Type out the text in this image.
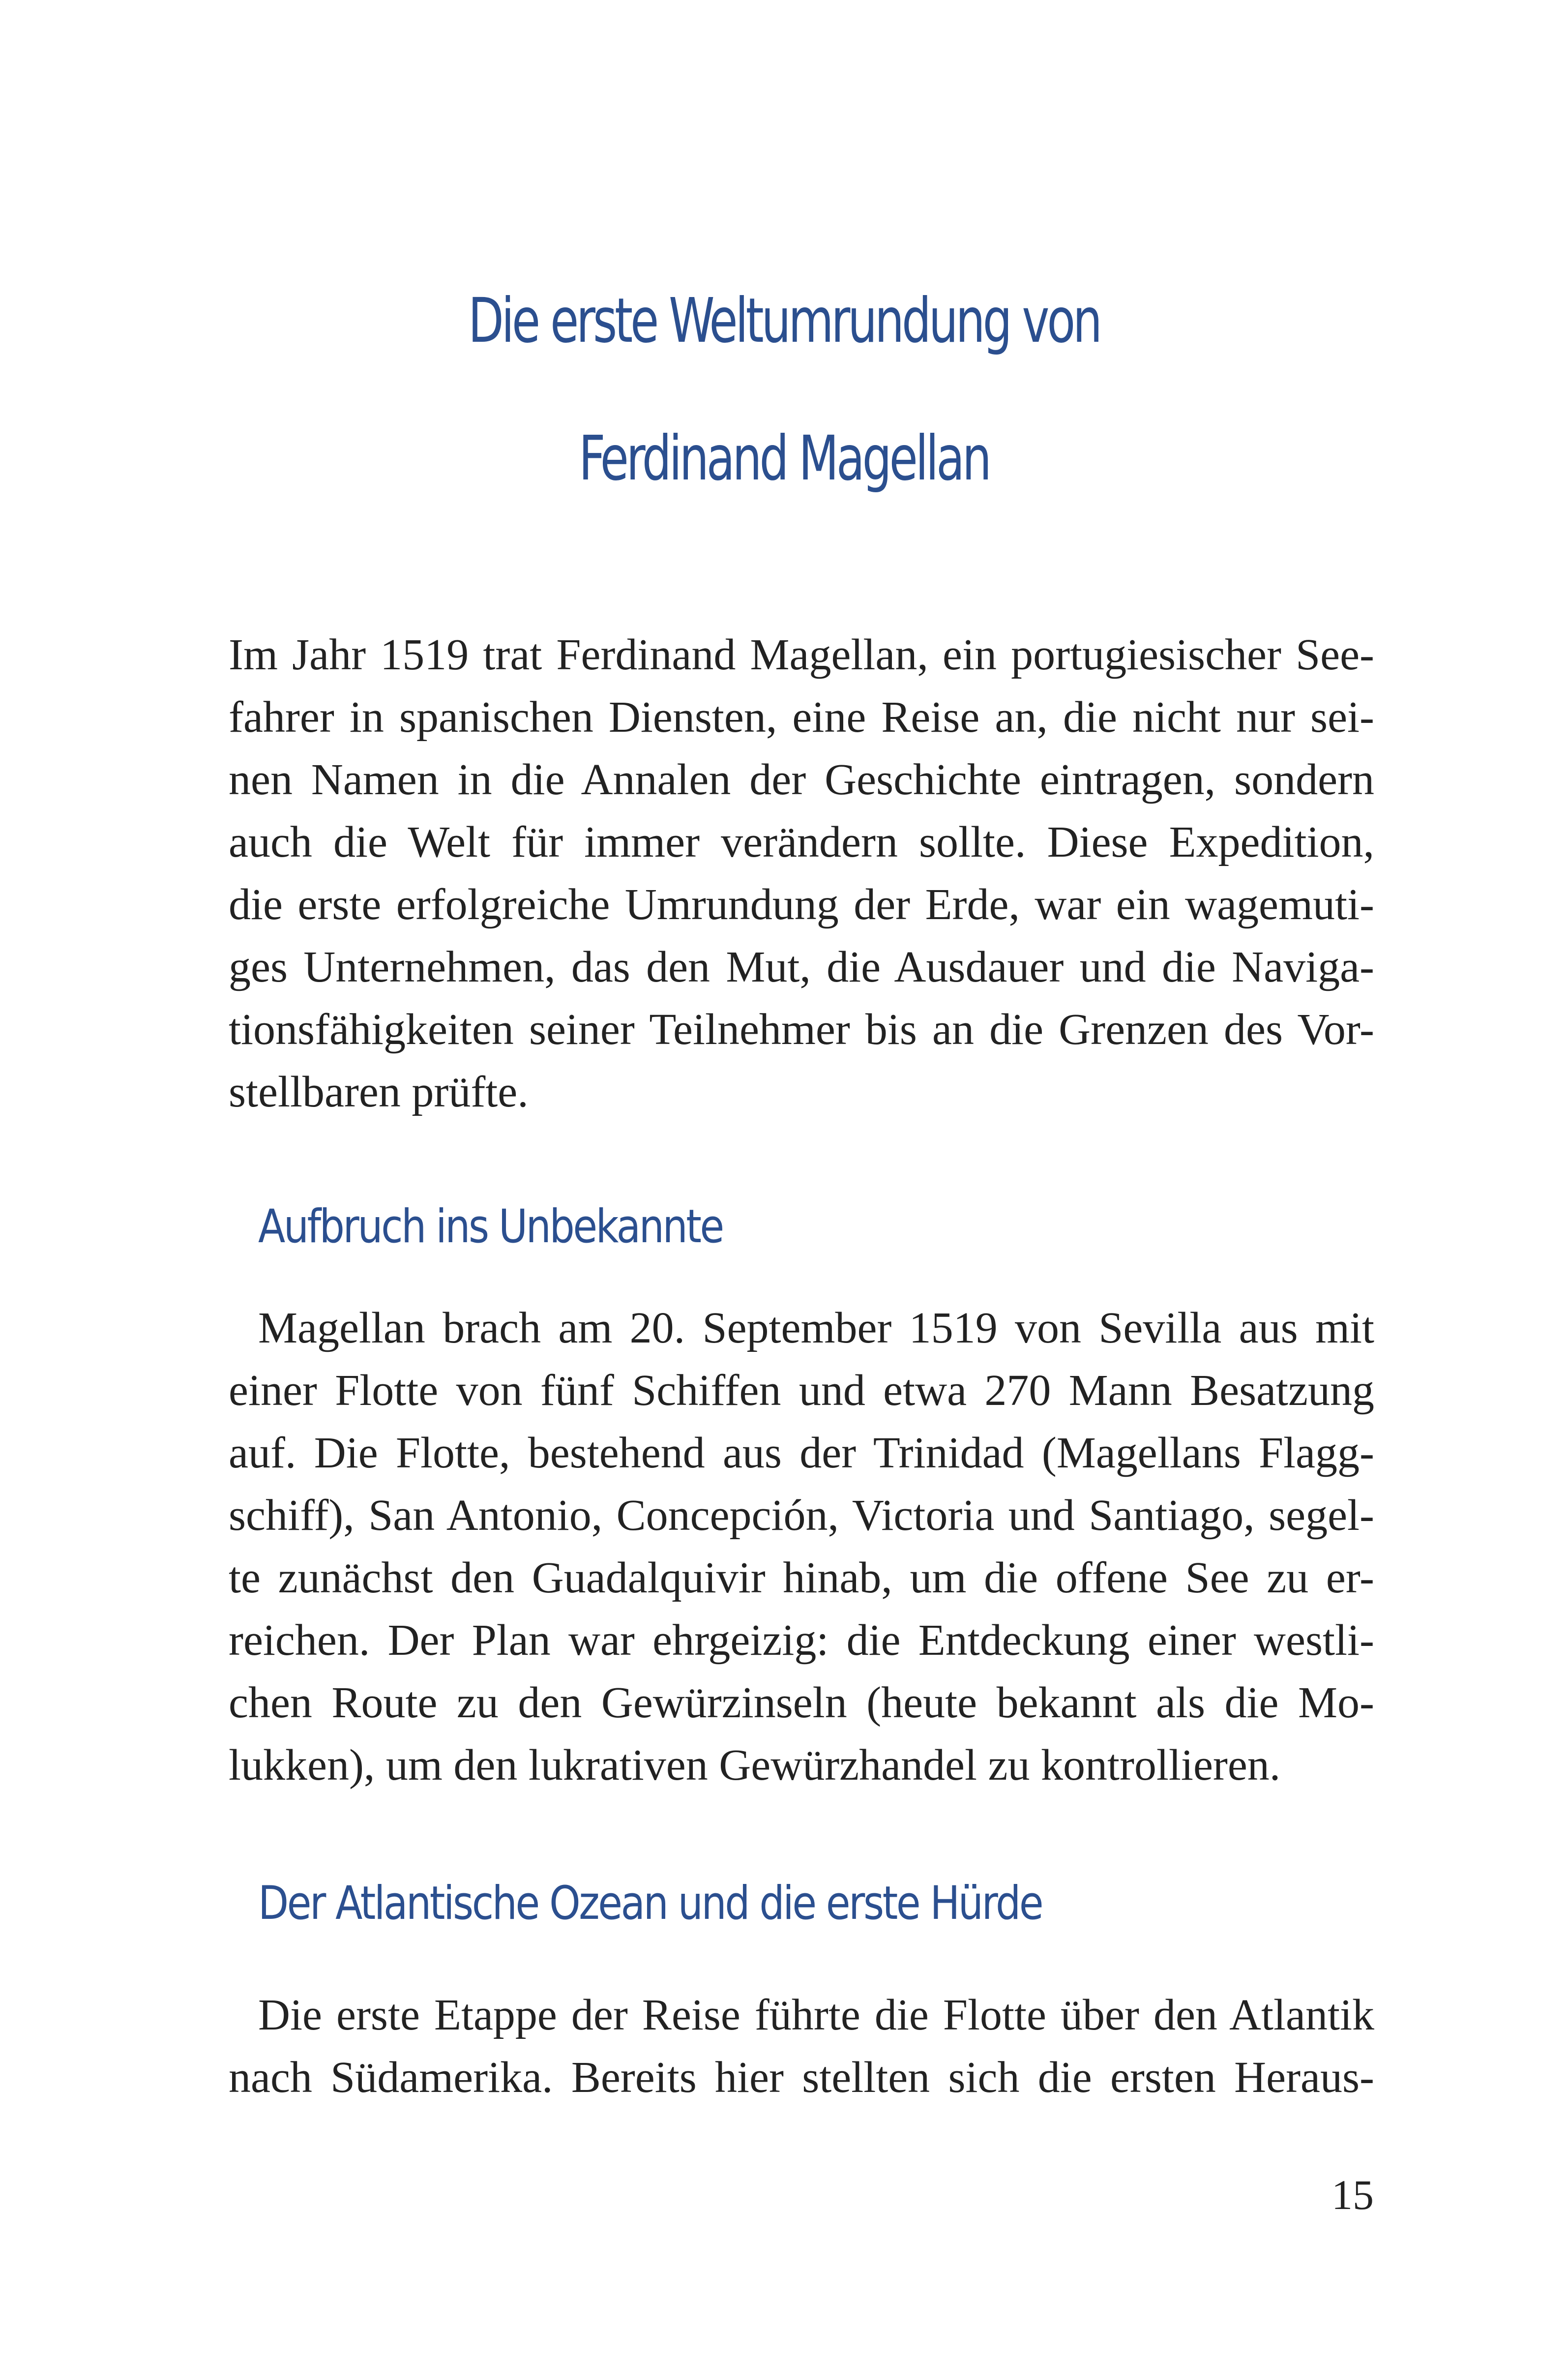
Die erste Weltumrundung von
Ferdinand Magellan
Im Jahr 1519 trat Ferdinand Magellan, ein portugiesischer See-
fahrer in spanischen Diensten, eine Reise an, die nicht nur sei-
nen Namen in die Annalen der Geschichte eintragen, sondern
auch die Welt für immer verändern sollte. Diese Expedition,
die erste erfolgreiche Umrundung der Erde, war ein wagemuti-
ges Unternehmen, das den Mut, die Ausdauer und die Naviga-
tionsfähigkeiten seiner Teilnehmer bis an die Grenzen des Vor-
stellbaren prüfte.
Aufbruch ins Unbekannte
Magellan brach am 20. September 1519 von Sevilla aus mit
einer Flotte von fünf Schiffen und etwa 270 Mann Besatzung
auf. Die Flotte, bestehend aus der Trinidad (Magellans Flagg-
schiff), San Antonio, Concepción, Victoria und Santiago, segel-
te zunächst den Guadalquivir hinab, um die offene See zu er-
reichen. Der Plan war ehrgeizig: die Entdeckung einer westli-
chen Route zu den Gewürzinseln (heute bekannt als die Mo-
lukken), um den lukrativen Gewürzhandel zu kontrollieren.
Der Atlantische Ozean und die erste Hürde
Die erste Etappe der Reise führte die Flotte über den Atlantik
nach Südamerika. Bereits hier stellten sich die ersten Heraus-
15
